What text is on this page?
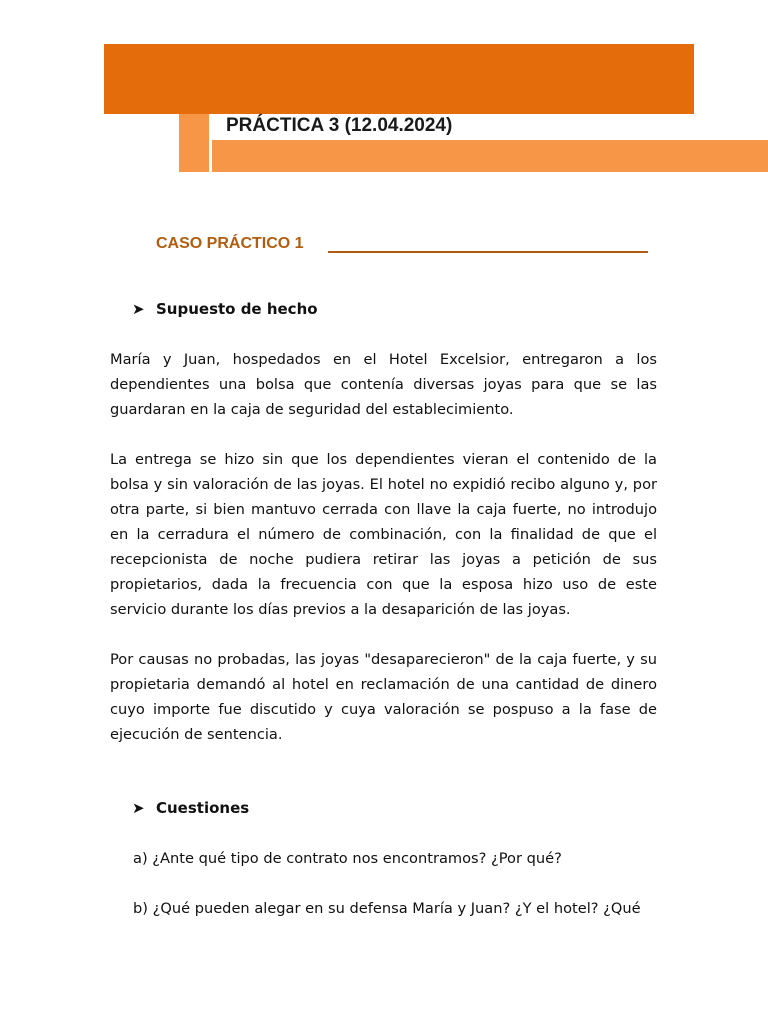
PRÁCTICA 3 (12.04.2024)
CASO PRÁCTICO 1
➤ Supuesto de hecho

María y Juan, hospedados en el Hotel Excelsior, entregaron a los dependientes una bolsa que contenía diversas joyas para que se las guardaran en la caja de seguridad del establecimiento.

La entrega se hizo sin que los dependientes vieran el contenido de la bolsa y sin valoración de las joyas. El hotel no expidió recibo alguno y, por otra parte, si bien mantuvo cerrada con llave la caja fuerte, no introdujo en la cerradura el número de combinación, con la finalidad de que el recepcionista de noche pudiera retirar las joyas a petición de sus propietarios, dada la frecuencia con que la esposa hizo uso de este servicio durante los días previos a la desaparición de las joyas.

Por causas no probadas, las joyas "desaparecieron" de la caja fuerte, y su propietaria demandó al hotel en reclamación de una cantidad de dinero cuyo importe fue discutido y cuya valoración se pospuso a la fase de ejecución de sentencia.

➤ Cuestiones

a) ¿Ante qué tipo de contrato nos encontramos? ¿Por qué?

b) ¿Qué pueden alegar en su defensa María y Juan? ¿Y el hotel? ¿Qué
